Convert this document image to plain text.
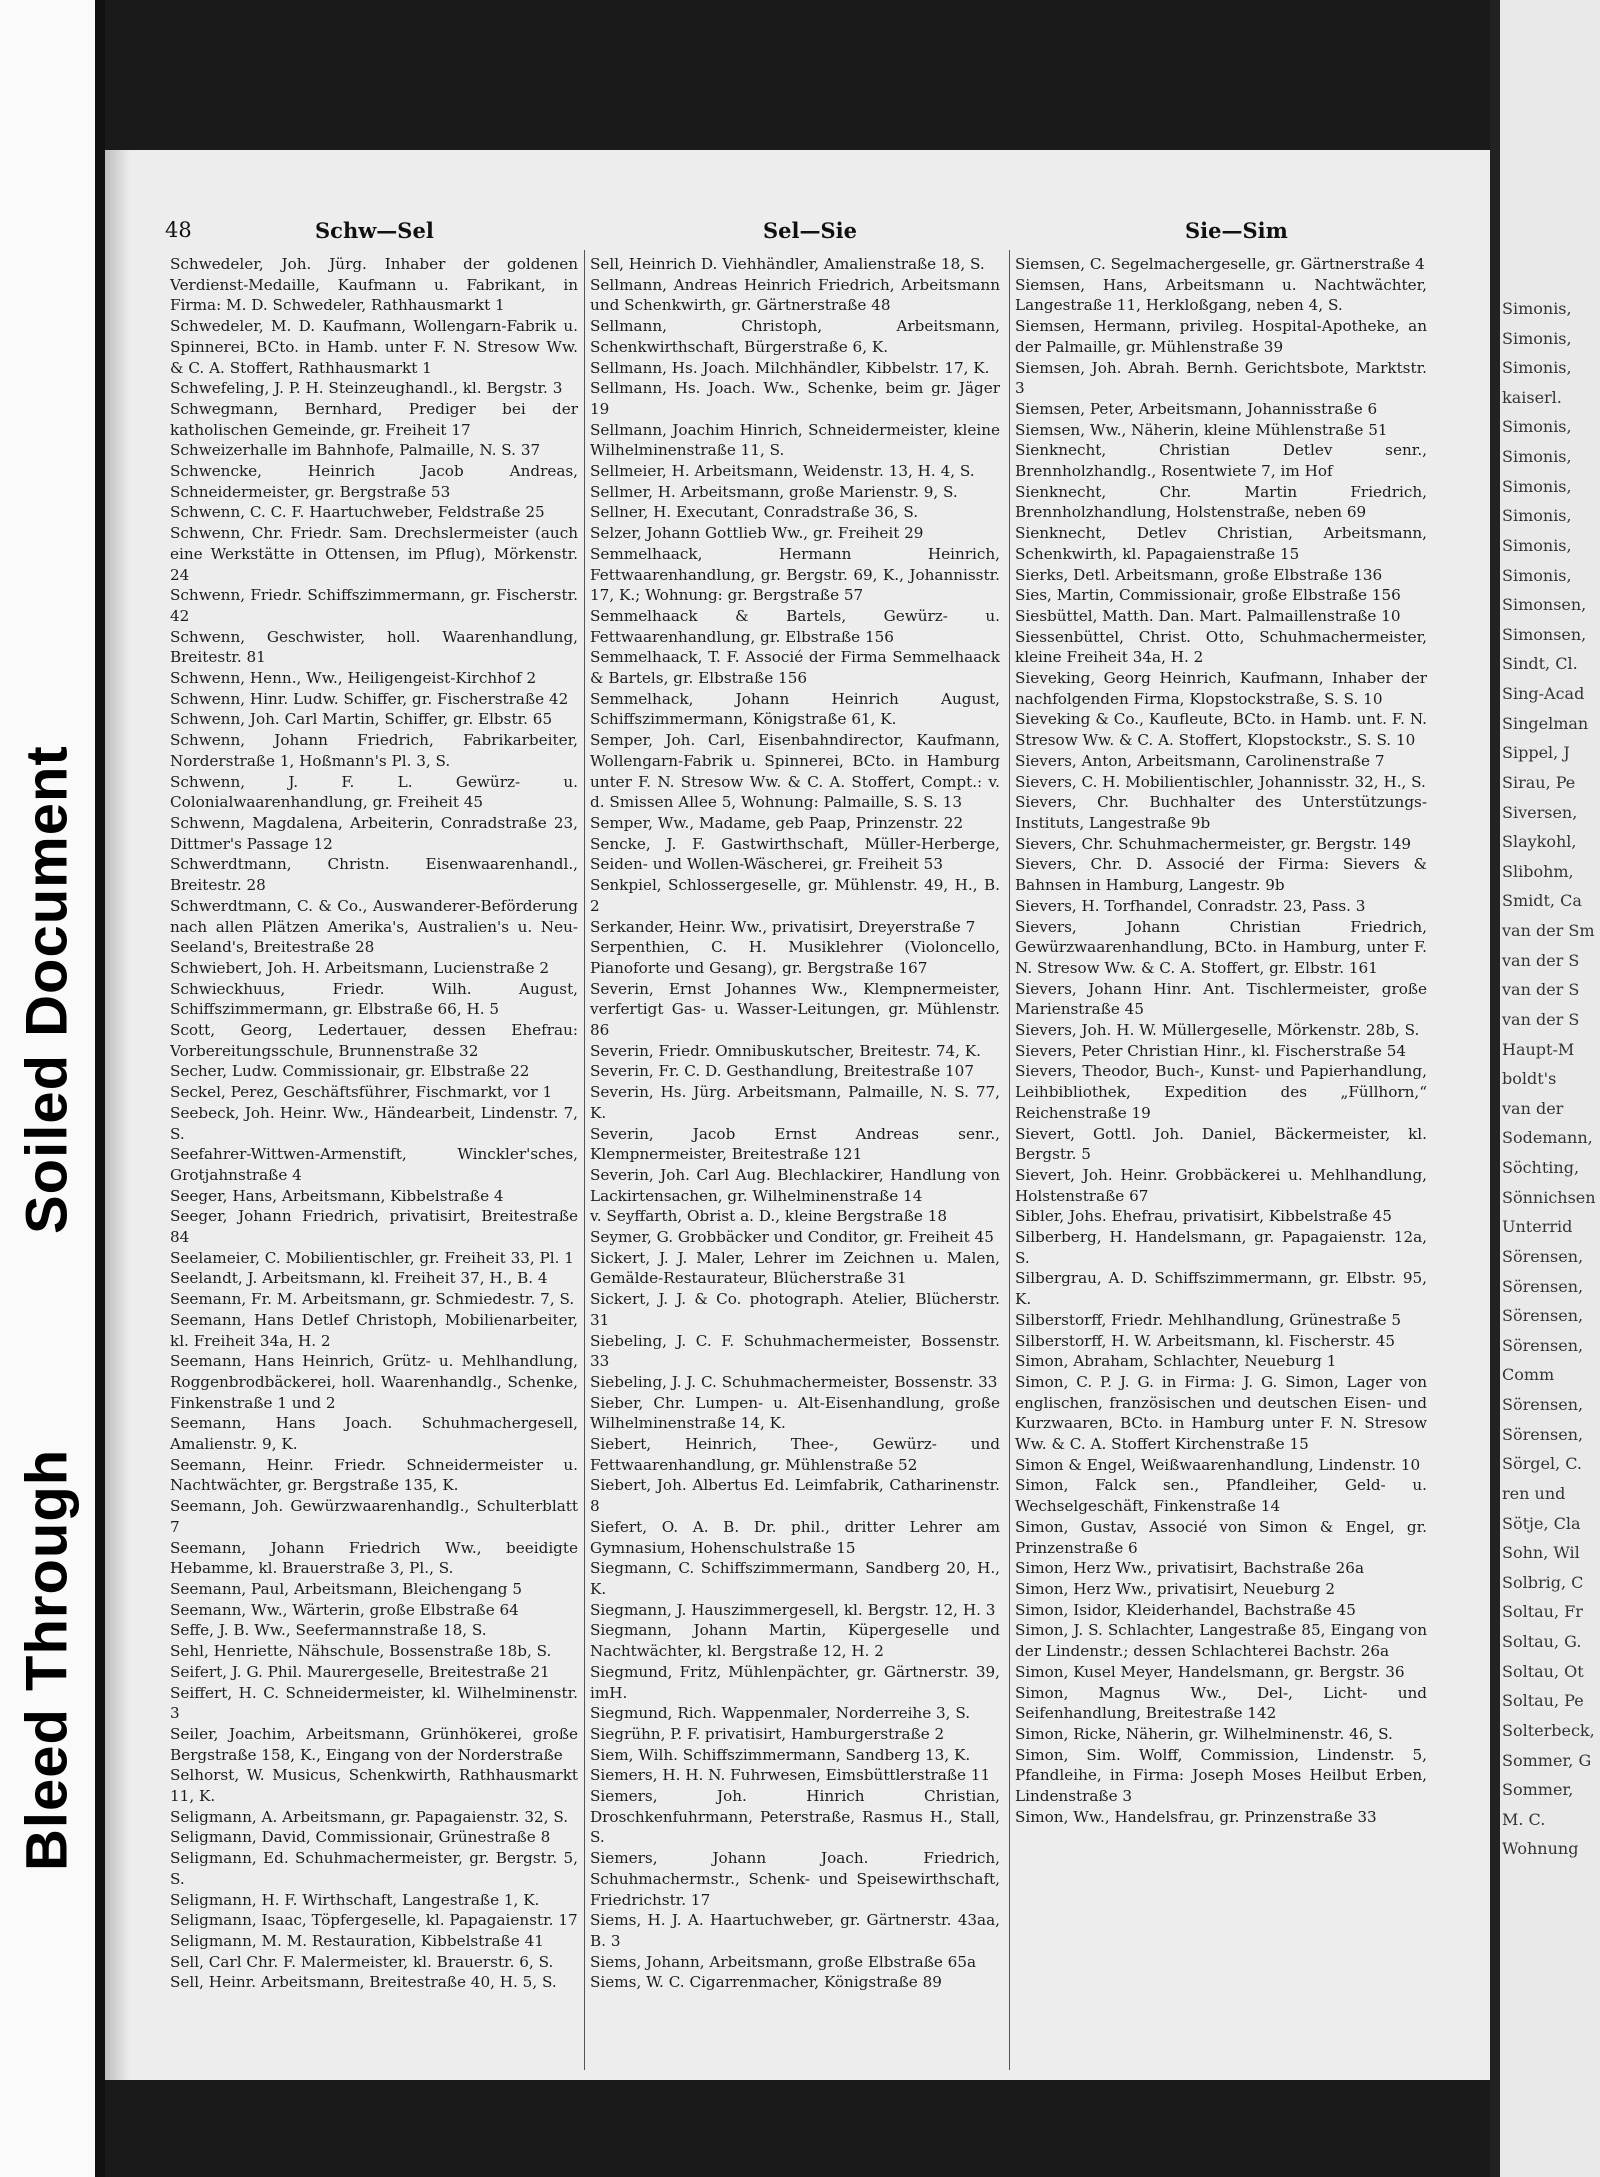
Soiled Document
Bleed Through
48	Schw—Sel	Sel—Sie	Sie—Sim
Schwedeler, Joh. Jürg. Inhaber der goldenen Verdienst-Medaille, Kaufmann u. Fabrikant, in Firma: M. D. Schwedeler, Rathhausmarkt 1
Schwedeler, M. D. Kaufmann, Wollengarn-Fabrik u. Spinnerei, BCto. in Hamb. unter F. N. Stresow Ww. & C. A. Stoffert, Rathhausmarkt 1
Schwefeling, J. P. H. Steinzeughandl., kl. Bergstr. 3
Schwegmann, Bernhard, Prediger bei der katholischen Gemeinde, gr. Freiheit 17
Schweizerhalle im Bahnhofe, Palmaille, N. S. 37
Schwencke, Heinrich Jacob Andreas, Schneidermeister, gr. Bergstraße 53
Schwenn, C. C. F. Haartuchweber, Feldstraße 25
Schwenn, Chr. Friedr. Sam. Drechslermeister (auch eine Werkstätte in Ottensen, im Pflug), Mörkenstr. 24
Schwenn, Friedr. Schiffszimmermann, gr. Fischerstr. 42
Schwenn, Geschwister, holl. Waarenhandlung, Breitestr. 81
Schwenn, Henn., Ww., Heiligengeist-Kirchhof 2
Schwenn, Hinr. Ludw. Schiffer, gr. Fischerstraße 42
Schwenn, Joh. Carl Martin, Schiffer, gr. Elbstr. 65
Schwenn, Johann Friedrich, Fabrikarbeiter, Norderstraße 1, Hoßmann's Pl. 3, S.
Schwenn, J. F. L. Gewürz- u. Colonialwaarenhandlung, gr. Freiheit 45
Schwenn, Magdalena, Arbeiterin, Conradstraße 23, Dittmer's Passage 12
Schwerdtmann, Christn. Eisenwaarenhandl., Breitestr. 28
Schwerdtmann, C. & Co., Auswanderer-Beförderung nach allen Plätzen Amerika's, Australien's u. Neu-Seeland's, Breitestraße 28
Schwiebert, Joh. H. Arbeitsmann, Lucienstraße 2
Schwieckhuus, Friedr. Wilh. August, Schiffszimmermann, gr. Elbstraße 66, H. 5
Scott, Georg, Ledertauer, dessen Ehefrau: Vorbereitungsschule, Brunnenstraße 32
Secher, Ludw. Commissionair, gr. Elbstraße 22
Seckel, Perez, Geschäftsführer, Fischmarkt, vor 1
Seebeck, Joh. Heinr. Ww., Händearbeit, Lindenstr. 7, S.
Seefahrer-Wittwen-Armenstift, Winckler'sches, Grotjahnstraße 4
Seeger, Hans, Arbeitsmann, Kibbelstraße 4
Seeger, Johann Friedrich, privatisirt, Breitestraße 84
Seelameier, C. Mobilientischler, gr. Freiheit 33, Pl. 1
Seelandt, J. Arbeitsmann, kl. Freiheit 37, H., B. 4
Seemann, Fr. M. Arbeitsmann, gr. Schmiedestr. 7, S.
Seemann, Hans Detlef Christoph, Mobilienarbeiter, kl. Freiheit 34a, H. 2
Seemann, Hans Heinrich, Grütz- u. Mehlhandlung, Roggenbrodbäckerei, holl. Waarenhandlg., Schenke, Finkenstraße 1 und 2
Seemann, Hans Joach. Schuhmachergesell, Amalienstr. 9, K.
Seemann, Heinr. Friedr. Schneidermeister u. Nachtwächter, gr. Bergstraße 135, K.
Seemann, Joh. Gewürzwaarenhandlg., Schulterblatt 7
Seemann, Johann Friedrich Ww., beeidigte Hebamme, kl. Brauerstraße 3, Pl., S.
Seemann, Paul, Arbeitsmann, Bleichengang 5
Seemann, Ww., Wärterin, große Elbstraße 64
Seffe, J. B. Ww., Seefermannstraße 18, S.
Sehl, Henriette, Nähschule, Bossenstraße 18b, S.
Seifert, J. G. Phil. Maurergeselle, Breitestraße 21
Seiffert, H. C. Schneidermeister, kl. Wilhelminenstr. 3
Seiler, Joachim, Arbeitsmann, Grünhökerei, große Bergstraße 158, K., Eingang von der Norderstraße
Selhorst, W. Musicus, Schenkwirth, Rathhausmarkt 11, K.
Seligmann, A. Arbeitsmann, gr. Papagaienstr. 32, S.
Seligmann, David, Commissionair, Grünestraße 8
Seligmann, Ed. Schuhmachermeister, gr. Bergstr. 5, S.
Seligmann, H. F. Wirthschaft, Langestraße 1, K.
Seligmann, Isaac, Töpfergeselle, kl. Papagaienstr. 17
Seligmann, M. M. Restauration, Kibbelstraße 41
Sell, Carl Chr. F. Malermeister, kl. Brauerstr. 6, S.
Sell, Heinr. Arbeitsmann, Breitestraße 40, H. 5, S.
Sell, Heinrich D. Viehhändler, Amalienstraße 18, S.
Sellmann, Andreas Heinrich Friedrich, Arbeitsmann und Schenkwirth, gr. Gärtnerstraße 48
Sellmann, Christoph, Arbeitsmann, Schenkwirthschaft, Bürgerstraße 6, K.
Sellmann, Hs. Joach. Milchhändler, Kibbelstr. 17, K.
Sellmann, Hs. Joach. Ww., Schenke, beim gr. Jäger 19
Sellmann, Joachim Hinrich, Schneidermeister, kleine Wilhelminenstraße 11, S.
Sellmeier, H. Arbeitsmann, Weidenstr. 13, H. 4, S.
Sellmer, H. Arbeitsmann, große Marienstr. 9, S.
Sellner, H. Executant, Conradstraße 36, S.
Selzer, Johann Gottlieb Ww., gr. Freiheit 29
Semmelhaack, Hermann Heinrich, Fettwaarenhandlung, gr. Bergstr. 69, K., Johannisstr. 17, K.; Wohnung: gr. Bergstraße 57
Semmelhaack & Bartels, Gewürz- u. Fettwaarenhandlung, gr. Elbstraße 156
Semmelhaack, T. F. Associé der Firma Semmelhaack & Bartels, gr. Elbstraße 156
Semmelhack, Johann Heinrich August, Schiffszimmermann, Königstraße 61, K.
Semper, Joh. Carl, Eisenbahndirector, Kaufmann, Wollengarn-Fabrik u. Spinnerei, BCto. in Hamburg unter F. N. Stresow Ww. & C. A. Stoffert, Compt.: v. d. Smissen Allee 5, Wohnung: Palmaille, S. S. 13
Semper, Ww., Madame, geb Paap, Prinzenstr. 22
Sencke, J. F. Gastwirthschaft, Müller-Herberge, Seiden- und Wollen-Wäscherei, gr. Freiheit 53
Senkpiel, Schlossergeselle, gr. Mühlenstr. 49, H., B. 2
Serkander, Heinr. Ww., privatisirt, Dreyerstraße 7
Serpenthien, C. H. Musiklehrer (Violoncello, Pianoforte und Gesang), gr. Bergstraße 167
Severin, Ernst Johannes Ww., Klempnermeister, verfertigt Gas- u. Wasser-Leitungen, gr. Mühlenstr. 86
Severin, Friedr. Omnibuskutscher, Breitestr. 74, K.
Severin, Fr. C. D. Gesthandlung, Breitestraße 107
Severin, Hs. Jürg. Arbeitsmann, Palmaille, N. S. 77, K.
Severin, Jacob Ernst Andreas senr., Klempnermeister, Breitestraße 121
Severin, Joh. Carl Aug. Blechlackirer, Handlung von Lackirtensachen, gr. Wilhelminenstraße 14
v. Seyffarth, Obrist a. D., kleine Bergstraße 18
Seymer, G. Grobbäcker und Conditor, gr. Freiheit 45
Sickert, J. J. Maler, Lehrer im Zeichnen u. Malen, Gemälde-Restaurateur, Blücherstraße 31
Sickert, J. J. & Co. photograph. Atelier, Blücherstr. 31
Siebeling, J. C. F. Schuhmachermeister, Bossenstr. 33
Siebeling, J. J. C. Schuhmachermeister, Bossenstr. 33
Sieber, Chr. Lumpen- u. Alt-Eisenhandlung, große Wilhelminenstraße 14, K.
Siebert, Heinrich, Thee-, Gewürz- und Fettwaarenhandlung, gr. Mühlenstraße 52
Siebert, Joh. Albertus Ed. Leimfabrik, Catharinenstr. 8
Siefert, O. A. B. Dr. phil., dritter Lehrer am Gymnasium, Hohenschulstraße 15
Siegmann, C. Schiffszimmermann, Sandberg 20, H., K.
Siegmann, J. Hauszimmergesell, kl. Bergstr. 12, H. 3
Siegmann, Johann Martin, Küpergeselle und Nachtwächter, kl. Bergstraße 12, H. 2
Siegmund, Fritz, Mühlenpächter, gr. Gärtnerstr. 39, imH.
Siegmund, Rich. Wappenmaler, Norderreihe 3, S.
Siegrühn, P. F. privatisirt, Hamburgerstraße 2
Siem, Wilh. Schiffszimmermann, Sandberg 13, K.
Siemers, H. H. N. Fuhrwesen, Eimsbüttlerstraße 11
Siemers, Joh. Hinrich Christian, Droschkenfuhrmann, Peterstraße, Rasmus H., Stall, S.
Siemers, Johann Joach. Friedrich, Schuhmachermstr., Schenk- und Speisewirthschaft, Friedrichstr. 17
Siems, H. J. A. Haartuchweber, gr. Gärtnerstr. 43aa, B. 3
Siems, Johann, Arbeitsmann, große Elbstraße 65a
Siems, W. C. Cigarrenmacher, Königstraße 89
Siemsen, C. Segelmachergeselle, gr. Gärtnerstraße 4
Siemsen, Hans, Arbeitsmann u. Nachtwächter, Langestraße 11, Herkloßgang, neben 4, S.
Siemsen, Hermann, privileg. Hospital-Apotheke, an der Palmaille, gr. Mühlenstraße 39
Siemsen, Joh. Abrah. Bernh. Gerichtsbote, Marktstr. 3
Siemsen, Peter, Arbeitsmann, Johannisstraße 6
Siemsen, Ww., Näherin, kleine Mühlenstraße 51
Sienknecht, Christian Detlev senr., Brennholzhandlg., Rosentwiete 7, im Hof
Sienknecht, Chr. Martin Friedrich, Brennholzhandlung, Holstenstraße, neben 69
Sienknecht, Detlev Christian, Arbeitsmann, Schenkwirth, kl. Papagaienstraße 15
Sierks, Detl. Arbeitsmann, große Elbstraße 136
Sies, Martin, Commissionair, große Elbstraße 156
Siesbüttel, Matth. Dan. Mart. Palmaillenstraße 10
Siessenbüttel, Christ. Otto, Schuhmachermeister, kleine Freiheit 34a, H. 2
Sieveking, Georg Heinrich, Kaufmann, Inhaber der nachfolgenden Firma, Klopstockstraße, S. S. 10
Sieveking & Co., Kaufleute, BCto. in Hamb. unt. F. N. Stresow Ww. & C. A. Stoffert, Klopstockstr., S. S. 10
Sievers, Anton, Arbeitsmann, Carolinenstraße 7
Sievers, C. H. Mobilientischler, Johannisstr. 32, H., S.
Sievers, Chr. Buchhalter des Unterstützungs-Instituts, Langestraße 9b
Sievers, Chr. Schuhmachermeister, gr. Bergstr. 149
Sievers, Chr. D. Associé der Firma: Sievers & Bahnsen in Hamburg, Langestr. 9b
Sievers, H. Torfhandel, Conradstr. 23, Pass. 3
Sievers, Johann Christian Friedrich, Gewürzwaarenhandlung, BCto. in Hamburg, unter F. N. Stresow Ww. & C. A. Stoffert, gr. Elbstr. 161
Sievers, Johann Hinr. Ant. Tischlermeister, große Marienstraße 45
Sievers, Joh. H. W. Müllergeselle, Mörkenstr. 28b, S.
Sievers, Peter Christian Hinr., kl. Fischerstraße 54
Sievers, Theodor, Buch-, Kunst- und Papierhandlung, Leihbibliothek, Expedition des „Füllhorn,“ Reichenstraße 19
Sievert, Gottl. Joh. Daniel, Bäckermeister, kl. Bergstr. 5
Sievert, Joh. Heinr. Grobbäckerei u. Mehlhandlung, Holstenstraße 67
Sibler, Johs. Ehefrau, privatisirt, Kibbelstraße 45
Silberberg, H. Handelsmann, gr. Papagaienstr. 12a, S.
Silbergrau, A. D. Schiffszimmermann, gr. Elbstr. 95, K.
Silberstorff, Friedr. Mehlhandlung, Grünestraße 5
Silberstorff, H. W. Arbeitsmann, kl. Fischerstr. 45
Simon, Abraham, Schlachter, Neueburg 1
Simon, C. P. J. G. in Firma: J. G. Simon, Lager von englischen, französischen und deutschen Eisen- und Kurzwaaren, BCto. in Hamburg unter F. N. Stresow Ww. & C. A. Stoffert Kirchenstraße 15
Simon & Engel, Weißwaarenhandlung, Lindenstr. 10
Simon, Falck sen., Pfandleiher, Geld- u. Wechselgeschäft, Finkenstraße 14
Simon, Gustav, Associé von Simon & Engel, gr. Prinzenstraße 6
Simon, Herz Ww., privatisirt, Bachstraße 26a
Simon, Herz Ww., privatisirt, Neueburg 2
Simon, Isidor, Kleiderhandel, Bachstraße 45
Simon, J. S. Schlachter, Langestraße 85, Eingang von der Lindenstr.; dessen Schlachterei Bachstr. 26a
Simon, Kusel Meyer, Handelsmann, gr. Bergstr. 36
Simon, Magnus Ww., Del-, Licht- und Seifenhandlung, Breitestraße 142
Simon, Ricke, Näherin, gr. Wilhelminenstr. 46, S.
Simon, Sim. Wolff, Commission, Lindenstr. 5, Pfandleihe, in Firma: Joseph Moses Heilbut Erben, Lindenstraße 3
Simon, Ww., Handelsfrau, gr. Prinzenstraße 33
Simonis,
Simonis,
Simonis,
kaiserl.
Simonis,
Simonis,
Simonis,
Simonis,
Simonis,
Simonis,
Simonsen,
Simonsen,
Sindt, Cl.
Sing-Acad
Singelman
Sippel, J
Sirau, Pe
Siversen,
Slaykohl,
Slibohm,
Smidt, Ca
van der Sm
van der S
van der S
van der S
Haupt-M
boldt's
van der
Sodemann,
Söchting,
Sönnichsen
Unterrid
Sörensen,
Sörensen,
Sörensen,
Sörensen,
Comm
Sörensen,
Sörensen,
Sörgel, C.
ren und
Sötje, Cla
Sohn, Wil
Solbrig, C
Soltau, Fr
Soltau, G.
Soltau, Ot
Soltau, Pe
Solterbeck,
Sommer, G
Sommer,
M. C.
Wohnung
